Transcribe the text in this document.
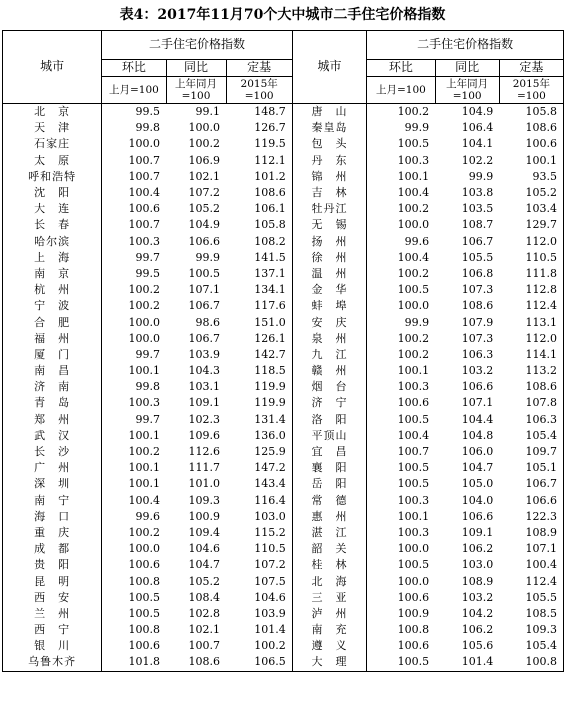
表4：2017年11月70个大中城市二手住宅价格指数
城市	二手住宅价格指数			城市	二手住宅价格指数		
	环比	同比	定基		环比	同比	定基
	上月=100	上年同月=100	2015年=100		上月=100	上年同月=100	2015年=100
北　京	99.5	99.1	148.7	唐　山	100.2	104.9	105.8
天　津	99.8	100.0	126.7	秦皇岛	99.9	106.4	108.6
石家庄	100.0	100.2	119.5	包　头	100.5	104.1	100.6
太　原	100.7	106.9	112.1	丹　东	100.3	102.2	100.1
呼和浩特	100.7	102.1	101.2	锦　州	100.1	99.9	93.5
沈　阳	100.4	107.2	108.6	吉　林	100.4	103.8	105.2
大　连	100.6	105.2	106.1	牡丹江	100.2	103.5	103.4
长　春	100.7	104.9	105.8	无　锡	100.0	108.7	129.7
哈尔滨	100.3	106.6	108.2	扬　州	99.6	106.7	112.0
上　海	99.7	99.9	141.5	徐　州	100.4	105.5	110.5
南　京	99.5	100.5	137.1	温　州	100.2	106.8	111.8
杭　州	100.2	107.1	134.1	金　华	100.5	107.3	112.8
宁　波	100.2	106.7	117.6	蚌　埠	100.0	108.6	112.4
合　肥	100.0	98.6	151.0	安　庆	99.9	107.9	113.1
福　州	100.0	106.7	126.1	泉　州	100.2	107.3	112.0
厦　门	99.7	103.9	142.7	九　江	100.2	106.3	114.1
南　昌	100.1	104.3	118.5	赣　州	100.1	103.2	113.2
济　南	99.8	103.1	119.9	烟　台	100.3	106.6	108.6
青　岛	100.3	109.1	119.9	济　宁	100.6	107.1	107.8
郑　州	99.7	102.3	131.4	洛　阳	100.5	104.4	106.3
武　汉	100.1	109.6	136.0	平顶山	100.4	104.8	105.4
长　沙	100.2	112.6	125.9	宜　昌	100.7	106.0	109.7
广　州	100.1	111.7	147.2	襄　阳	100.5	104.7	105.1
深　圳	100.1	101.0	143.4	岳　阳	100.5	105.0	106.7
南　宁	100.4	109.3	116.4	常　德	100.3	104.0	106.6
海　口	99.6	100.9	103.0	惠　州	100.1	106.6	122.3
重　庆	100.2	109.4	115.2	湛　江	100.3	109.1	108.9
成　都	100.0	104.6	110.5	韶　关	100.0	106.2	107.1
贵　阳	100.6	104.7	107.2	桂　林	100.5	103.0	100.4
昆　明	100.8	105.2	107.5	北　海	100.0	108.9	112.4
西　安	100.5	108.4	104.6	三　亚	100.6	103.2	105.5
兰　州	100.5	102.8	103.9	泸　州	100.9	104.2	108.5
西　宁	100.8	102.1	101.4	南　充	100.8	106.2	109.3
银　川	100.6	100.7	100.2	遵　义	100.6	105.6	105.4
乌鲁木齐	101.8	108.6	106.5	大　理	100.5	101.4	100.8
